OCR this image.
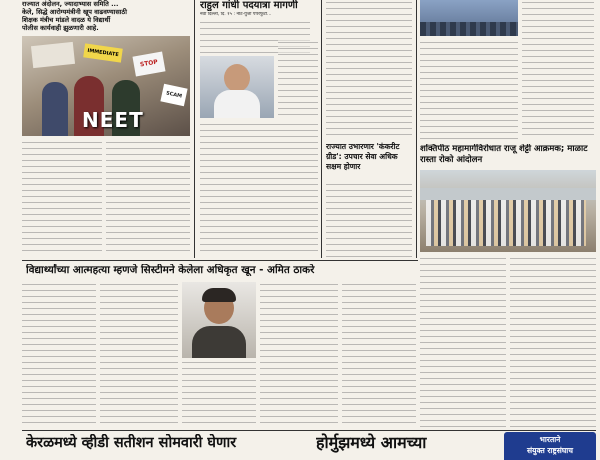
राज्यात अंदोलन, ज्यादाभ्यास समिति ...
केले, सिद्धे आरोग्यमंत्रीनी खूप वाढवण्यासाठी
शिक्षक मंत्रीच मांडले वादळ ये विद्यार्थी
पोलीस कार्यवाही झुळणारी आहे.
IMMEDIATE
STOP
SCAM
NEET
राहुल गांधी पदयात्रा मागणी
नवी दिल्ली, दि. १५ : नीट-युजी पेपरफुटी...
राज्यात उभारणार 'कंकरीट ग्रीड': उपचार सेवा अधिक सक्षम होणार
शक्तिपीठ महामार्गविरोधात राजू शेट्टी आक्रमक; माळाट रास्ता रोको आंदोलन
विद्यार्थ्यांच्या आत्महत्या म्हणजे सिस्टीमने केलेला अधिकृत खून - अमित ठाकरे
केरळमध्ये व्हीडी सतीशन सोमवारी घेणार	होर्मुझमध्ये आमच्या	भारताने
संयुक्त राष्ट्रसंघाच
